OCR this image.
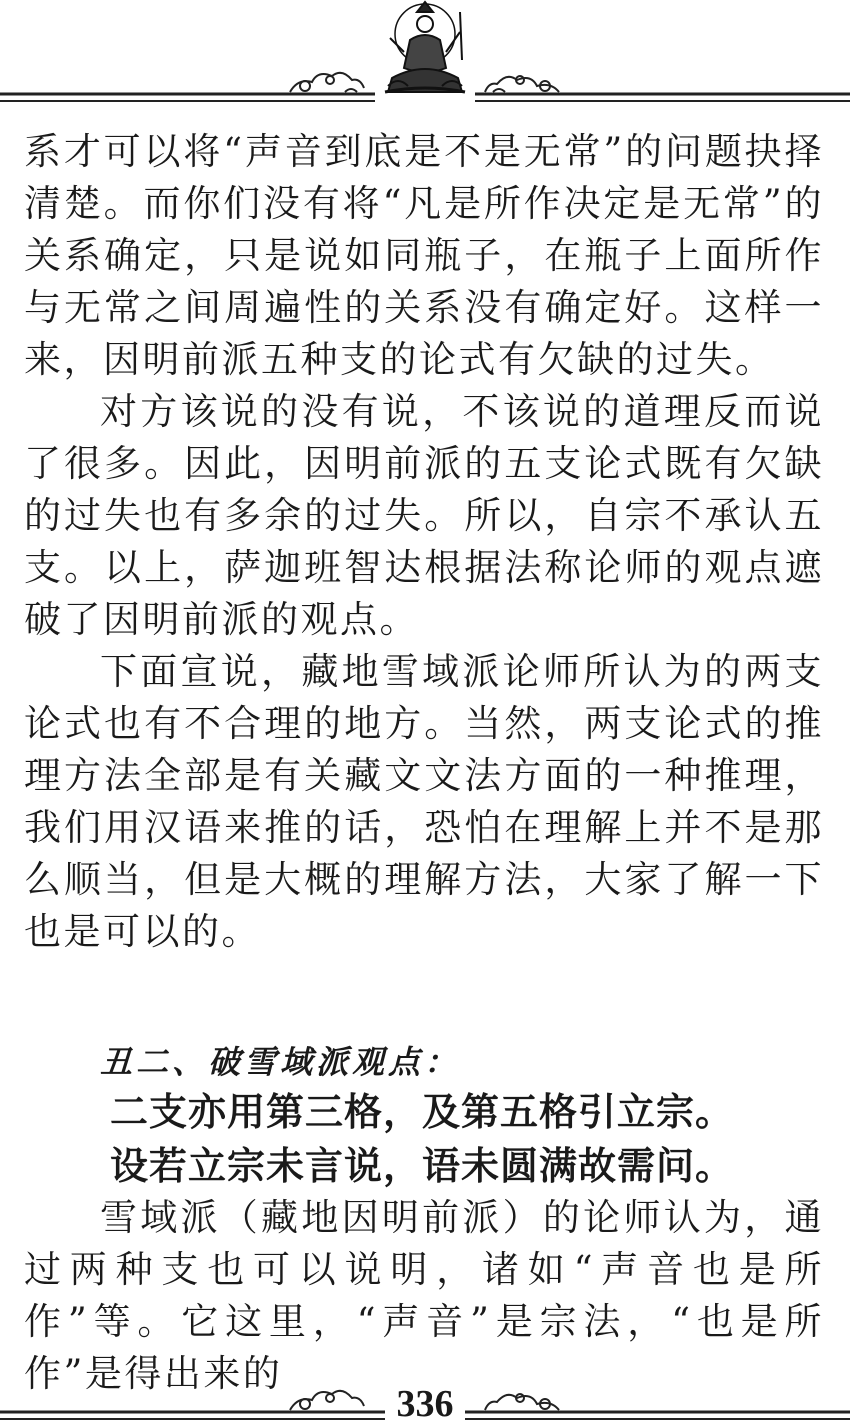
系才可以将“声音到底是不是无常”的问题抉择清楚。而你们没有将“凡是所作决定是无常”的关系确定，只是说如同瓶子，在瓶子上面所作与无常之间周遍性的关系没有确定好。这样一来，因明前派五种支的论式有欠缺的过失。

对方该说的没有说，不该说的道理反而说了很多。因此，因明前派的五支论式既有欠缺的过失也有多余的过失。所以，自宗不承认五支。以上，萨迦班智达根据法称论师的观点遮破了因明前派的观点。

下面宣说，藏地雪域派论师所认为的两支论式也有不合理的地方。当然，两支论式的推理方法全部是有关藏文文法方面的一种推理，我们用汉语来推的话，恐怕在理解上并不是那么顺当，但是大概的理解方法，大家了解一下也是可以的。

丑二、破雪域派观点：

二支亦用第三格，及第五格引立宗。

设若立宗未言说，语未圆满故需问。

雪域派（藏地因明前派）的论师认为，通过两种支也可以说明，诸如“声音也是所作”等。它这里，“声音”是宗法，“也是所作”是得出来的

336
